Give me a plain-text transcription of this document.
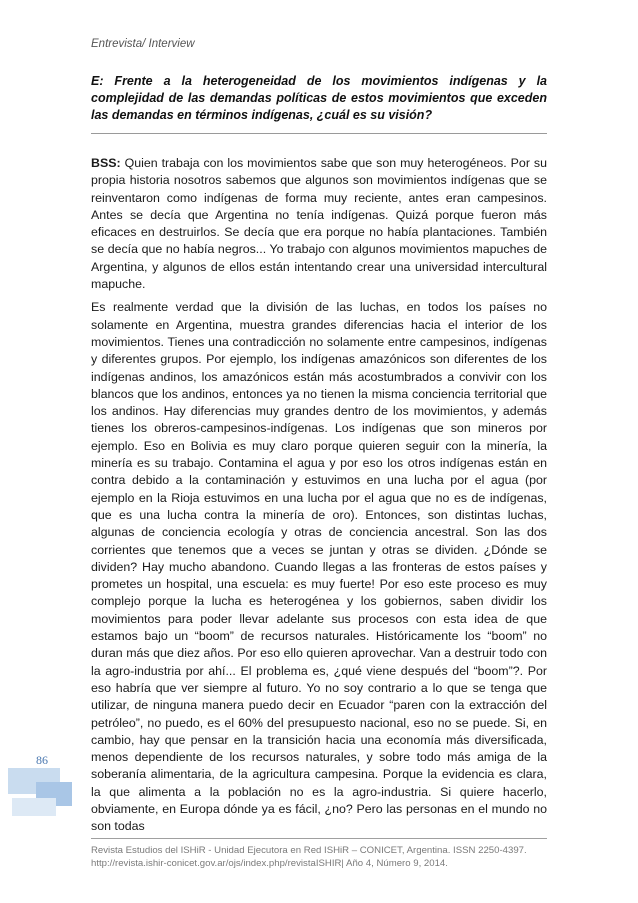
Entrevista/ Interview
E: Frente a la heterogeneidad de los movimientos indígenas y la complejidad de las demandas políticas de estos movimientos que exceden las demandas en términos indígenas, ¿cuál es su visión?

BSS: Quien trabaja con los movimientos sabe que son muy heterogéneos. Por su propia historia nosotros sabemos que algunos son movimientos indígenas que se reinventaron como indígenas de forma muy reciente, antes eran campesinos. Antes se decía que Argentina no tenía indígenas. Quizá porque fueron más eficaces en destruirlos. Se decía que era porque no había plantaciones. También se decía que no había negros... Yo trabajo con algunos movimientos mapuches de Argentina, y algunos de ellos están intentando crear una universidad intercultural mapuche.

Es realmente verdad que la división de las luchas, en todos los países no solamente en Argentina, muestra grandes diferencias hacia el interior de los movimientos. Tienes una contradicción no solamente entre campesinos, indígenas y diferentes grupos. Por ejemplo, los indígenas amazónicos son diferentes de los indígenas andinos, los amazónicos están más acostumbrados a convivir con los blancos que los andinos, entonces ya no tienen la misma conciencia territorial que los andinos. Hay diferencias muy grandes dentro de los movimientos, y además tienes los obreros-campesinos-indígenas. Los indígenas que son mineros por ejemplo. Eso en Bolivia es muy claro porque quieren seguir con la minería, la minería es su trabajo. Contamina el agua y por eso los otros indígenas están en contra debido a la contaminación y estuvimos en una lucha por el agua (por ejemplo en la Rioja estuvimos en una lucha por el agua que no es de indígenas, que es una lucha contra la minería de oro). Entonces, son distintas luchas, algunas de conciencia ecología y otras de conciencia ancestral. Son las dos corrientes que tenemos que a veces se juntan y otras se dividen. ¿Dónde se dividen? Hay mucho abandono. Cuando llegas a las fronteras de estos países y prometes un hospital, una escuela: es muy fuerte! Por eso este proceso es muy complejo porque la lucha es heterogénea y los gobiernos, saben dividir los movimientos para poder llevar adelante sus procesos con esta idea de que estamos bajo un “boom” de recursos naturales. Históricamente los “boom” no duran más que diez años. Por eso ello quieren aprovechar. Van a destruir todo con la agro-industria por ahí... El problema es, ¿qué viene después del “boom”?. Por eso habría que ver siempre al futuro. Yo no soy contrario a lo que se tenga que utilizar, de ninguna manera puedo decir en Ecuador “paren con la extracción del petróleo”, no puedo, es el 60% del presupuesto nacional, eso no se puede. Si, en cambio, hay que pensar en la transición hacia una economía más diversificada, menos dependiente de los recursos naturales, y sobre todo más amiga de la soberanía alimentaria, de la agricultura campesina. Porque la evidencia es clara, la que alimenta a la población no es la agro-industria. Si quiere hacerlo, obviamente, en Europa dónde ya es fácil, ¿no? Pero las personas en el mundo no son todas

86
Revista Estudios del ISHiR - Unidad Ejecutora en Red ISHiR – CONICET, Argentina. ISSN 2250-4397.
http://revista.ishir-conicet.gov.ar/ojs/index.php/revistaISHIR| Año 4, Número 9, 2014.
